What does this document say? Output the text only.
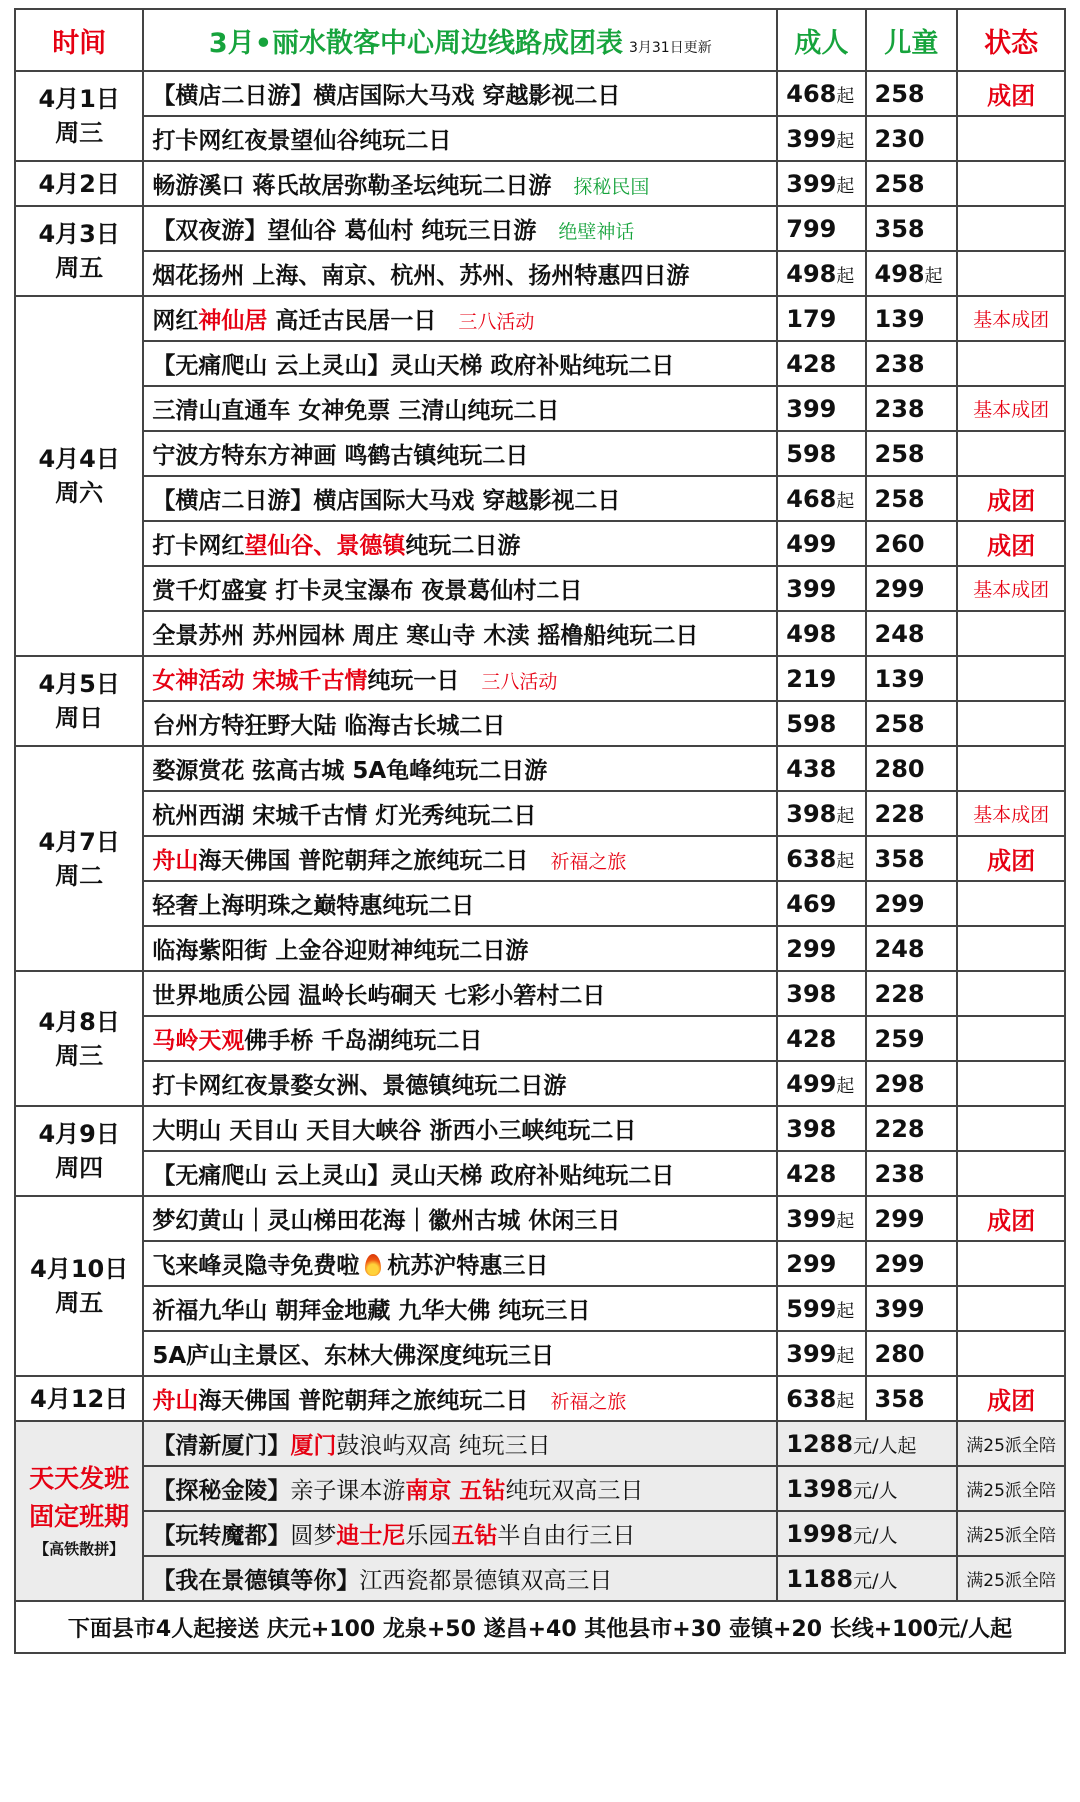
时间	3月•丽水散客中心周边线路成团表 3月31日更新	成人	儿童	状态

4月1日
周三	【横店二日游】横店国际大马戏 穿越影视二日	468起	258	成团
	打卡网红夜景望仙谷纯玩二日	399起	230	

4月2日	畅游溪口 蒋氏故居弥勒圣坛纯玩二日游 探秘民国	399起	258	

4月3日
周五	【双夜游】望仙谷 葛仙村 纯玩三日游 绝壁神话	799	358	
	烟花扬州 上海、南京、杭州、苏州、扬州特惠四日游	498起	498起	

4月4日
周六	网红神仙居 高迁古民居一日 三八活动	179	139	基本成团
	【无痛爬山 云上灵山】灵山天梯 政府补贴纯玩二日	428	238	
	三清山直通车 女神免票 三清山纯玩二日	399	238	基本成团
	宁波方特东方神画 鸣鹤古镇纯玩二日	598	258	
	【横店二日游】横店国际大马戏 穿越影视二日	468起	258	成团
	打卡网红望仙谷、景德镇纯玩二日游	499	260	成团
	赏千灯盛宴 打卡灵宝瀑布 夜景葛仙村二日	399	299	基本成团
	全景苏州 苏州园林 周庄 寒山寺 木渎 摇橹船纯玩二日	498	248	

4月5日
周日	女神活动 宋城千古情纯玩一日 三八活动	219	139	
	台州方特狂野大陆 临海古长城二日	598	258	

4月7日
周二	婺源赏花 弦高古城 5A龟峰纯玩二日游	438	280	
	杭州西湖 宋城千古情 灯光秀纯玩二日	398起	228	基本成团
	舟山海天佛国 普陀朝拜之旅纯玩二日 祈福之旅	638起	358	成团
	轻奢上海明珠之巅特惠纯玩二日	469	299	
	临海紫阳街 上金谷迎财神纯玩二日游	299	248	

4月8日
周三	世界地质公园 温岭长屿硐天 七彩小箬村二日	398	228	
	马岭天观佛手桥 千岛湖纯玩二日	428	259	
	打卡网红夜景婺女洲、景德镇纯玩二日游	499起	298	

4月9日
周四	大明山 天目山 天目大峡谷 浙西小三峡纯玩二日	398	228	
	【无痛爬山 云上灵山】灵山天梯 政府补贴纯玩二日	428	238	

4月10日
周五	梦幻黄山｜灵山梯田花海｜徽州古城 休闲三日	399起	299	成团
	飞来峰灵隐寺免费啦 杭苏沪特惠三日	299	299	
	祈福九华山 朝拜金地藏 九华大佛 纯玩三日	599起	399	
	5A庐山主景区、东林大佛深度纯玩三日	399起	280	

4月12日	舟山海天佛国 普陀朝拜之旅纯玩二日 祈福之旅	638起	358	成团
天天发班
固定班期
【高铁散拼】	【清新厦门】厦门鼓浪屿双高 纯玩三日	1288元/人起		满25派全陪
	【探秘金陵】亲子课本游南京 五钻纯玩双高三日	1398元/人		满25派全陪
	【玩转魔都】圆梦迪士尼乐园五钻半自由行三日	1998元/人		满25派全陪
	【我在景德镇等你】江西瓷都景德镇双高三日	1188元/人		满25派全陪
下面县市4人起接送 庆元+100 龙泉+50 遂昌+40 其他县市+30 壶镇+20 长线+100元/人起				
